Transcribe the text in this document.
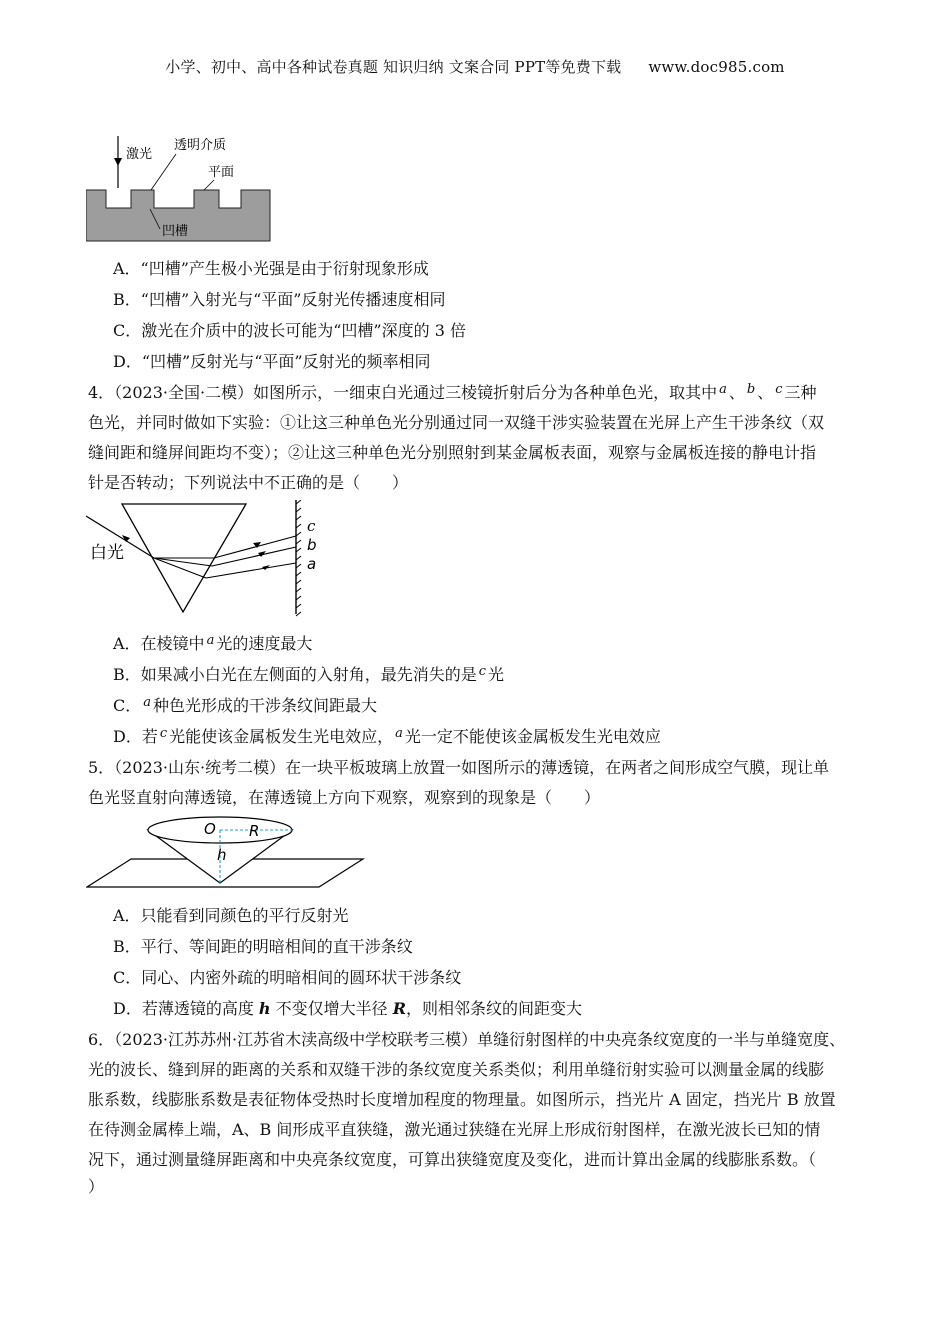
小学、初中、高中各种试卷真题 知识归纳 文案合同 PPT等免费下载 www.doc985.com
激光
透明介质
平面
凹槽
A．“凹槽”产生极小光强是由于衍射现象形成
B．“凹槽”入射光与“平面”反射光传播速度相同
C．激光在介质中的波长可能为“凹槽”深度的 3 倍
D．“凹槽”反射光与“平面”反射光的频率相同
4．（2023·全国·二模）如图所示，一细束白光通过三棱镜折射后分为各种单色光，取其中 $^a$ 、 $^b$ 、 $^c$ 三种
色光，并同时做如下实验：①让这三种单色光分别通过同一双缝干涉实验装置在光屏上产生干涉条纹（双
缝间距和缝屏间距均不变）；②让这三种单色光分别照射到某金属板表面，观察与金属板连接的静电计指
针是否转动；下列说法中不正确的是（　　）
白光
c
b
a
A．在棱镜中 $^a$ 光的速度最大
B．如果减小白光在左侧面的入射角，最先消失的是 $^c$ 光
C． $^a$ 种色光形成的干涉条纹间距最大
D．若 $^c$ 光能使该金属板发生光电效应， $^a$ 光一定不能使该金属板发生光电效应
5．（2023·山东·统考二模）在一块平板玻璃上放置一如图所示的薄透镜，在两者之间形成空气膜，现让单
色光竖直射向薄透镜，在薄透镜上方向下观察，观察到的现象是（　　）
O R
h
A．只能看到同颜色的平行反射光
B．平行、等间距的明暗相间的直干涉条纹
C．同心、内密外疏的明暗相间的圆环状干涉条纹
D．若薄透镜的高度 h 不变仅增大半径 R，则相邻条纹的间距变大
6．（2023·江苏苏州·江苏省木渎高级中学校联考三模）单缝衍射图样的中央亮条纹宽度的一半与单缝宽度、
光的波长、缝到屏的距离的关系和双缝干涉的条纹宽度关系类似；利用单缝衍射实验可以测量金属的线膨
胀系数，线膨胀系数是表征物体受热时长度增加程度的物理量。如图所示，挡光片 A 固定，挡光片 B 放置
在待测金属棒上端，A、B 间形成平直狭缝，激光通过狭缝在光屏上形成衍射图样，在激光波长已知的情
况下，通过测量缝屏距离和中央亮条纹宽度，可算出狭缝宽度及变化，进而计算出金属的线膨胀系数。（
）
